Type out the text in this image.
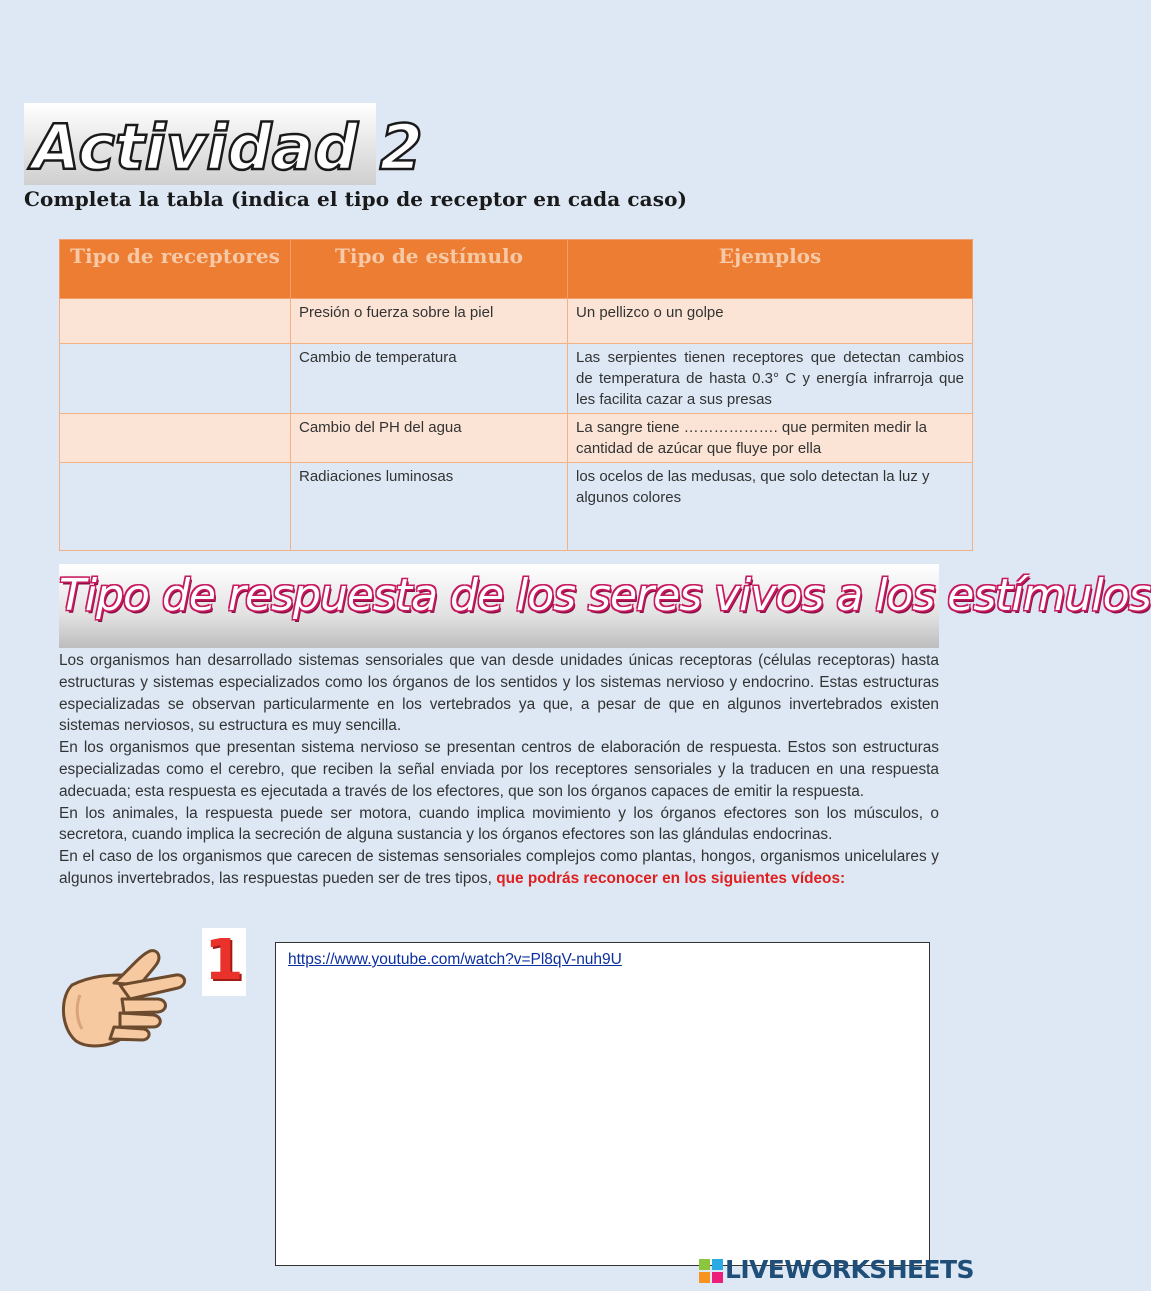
Actividad 2
Completa la tabla (indica el tipo de receptor en cada caso)
Tipo de receptores	Tipo de estímulo	Ejemplos
	Presión o fuerza sobre la piel	Un pellizco o un golpe
	Cambio de temperatura	Las serpientes tienen receptores que detectan cambios de temperatura de hasta 0.3° C y energía infrarroja que les facilita cazar a sus presas
	Cambio del PH del agua	La sangre tiene ………………. que permiten medir la cantidad de azúcar que fluye por ella
	Radiaciones luminosas	los ocelos de las medusas, que solo detectan la luz y algunos colores
Tipo de respuesta de los seres vivos a los estímulos

Los organismos han desarrollado sistemas sensoriales que van desde unidades únicas receptoras (células receptoras) hasta estructuras y sistemas especializados como los órganos de los sentidos y los sistemas nervioso y endocrino. Estas estructuras especializadas se observan particularmente en los vertebrados ya que, a pesar de que en algunos invertebrados existen sistemas nerviosos, su estructura es muy sencilla.

En los organismos que presentan sistema nervioso se presentan centros de elaboración de respuesta. Estos son estructuras especializadas como el cerebro, que reciben la señal enviada por los receptores sensoriales y la traducen en una respuesta adecuada; esta respuesta es ejecutada a través de los efectores, que son los órganos capaces de emitir la respuesta.

En los animales, la respuesta puede ser motora, cuando implica movimiento y los órganos efectores son los músculos, o secretora, cuando implica la secreción de alguna sustancia y los órganos efectores son las glándulas endocrinas.

En el caso de los organismos que carecen de sistemas sensoriales complejos como plantas, hongos, organismos unicelulares y algunos invertebrados, las respuestas pueden ser de tres tipos, que podrás reconocer en los siguientes vídeos:

1	https://www.youtube.com/watch?v=Pl8qV-nuh9U
LIVEWORKSHEETS
